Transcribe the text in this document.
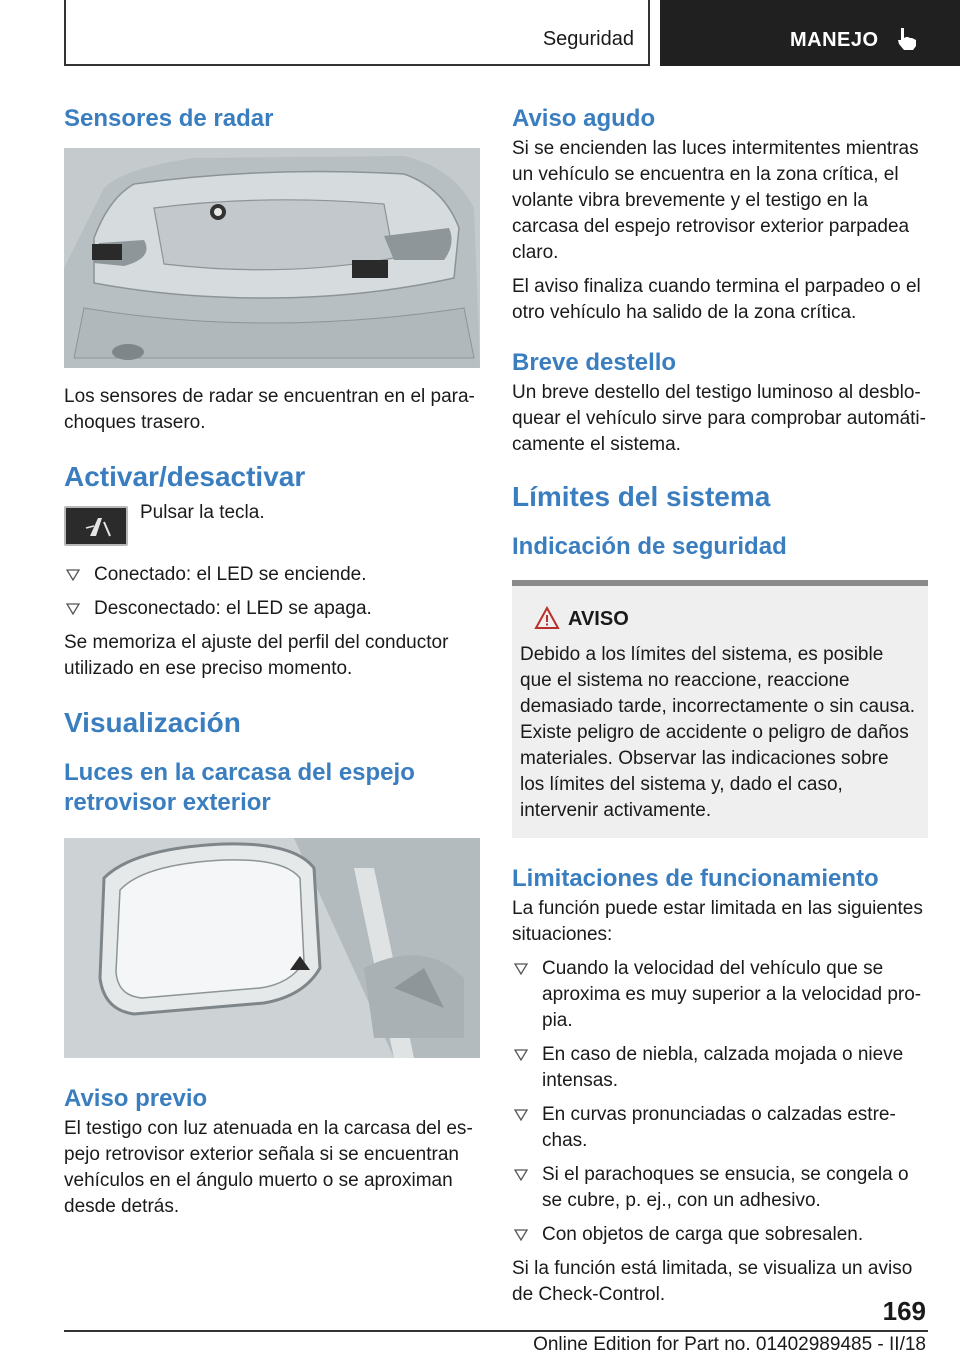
Seguridad	MANEJO
Sensores de radar

Los sensores de radar se encuentran en el parachoques trasero.

Activar/desactivar
Pulsar la tecla.
Conectado: el LED se enciende.
Desconectado: el LED se apaga.

Se memoriza el ajuste del perfil del conductor utilizado en ese preciso momento.

Visualización
Luces en la carcasa del espejo retrovisor exterior
Aviso previo

El testigo con luz atenuada en la carcasa del espejo retrovisor exterior señala si se encuentran vehículos en el ángulo muerto o se aproximan desde detrás.

Aviso agudo

Si se encienden las luces intermitentes mientras un vehículo se encuentra en la zona crítica, el volante vibra brevemente y el testigo en la carcasa del espejo retrovisor exterior parpadea claro.

El aviso finaliza cuando termina el parpadeo o el otro vehículo ha salido de la zona crítica.

Breve destello

Un breve destello del testigo luminoso al desbloquear el vehículo sirve para comprobar automáticamente el sistema.

Límites del sistema
Indicación de seguridad
AVISO

Debido a los límites del sistema, es posible que el sistema no reaccione, reaccione demasiado tarde, incorrectamente o sin causa. Existe peligro de accidente o peligro de daños materiales. Observar las indicaciones sobre los límites del sistema y, dado el caso, intervenir activamente.

Limitaciones de funcionamiento

La función puede estar limitada en las siguientes situaciones:

Cuando la velocidad del vehículo que se aproxima es muy superior a la velocidad propia.
En caso de niebla, calzada mojada o nieve intensas.
En curvas pronunciadas o calzadas estrechas.
Si el parachoques se ensucia, se congela o se cubre, p. ej., con un adhesivo.
Con objetos de carga que sobresalen.

Si la función está limitada, se visualiza un aviso de Check-Control.

169
Online Edition for Part no. 01402989485 - II/18
